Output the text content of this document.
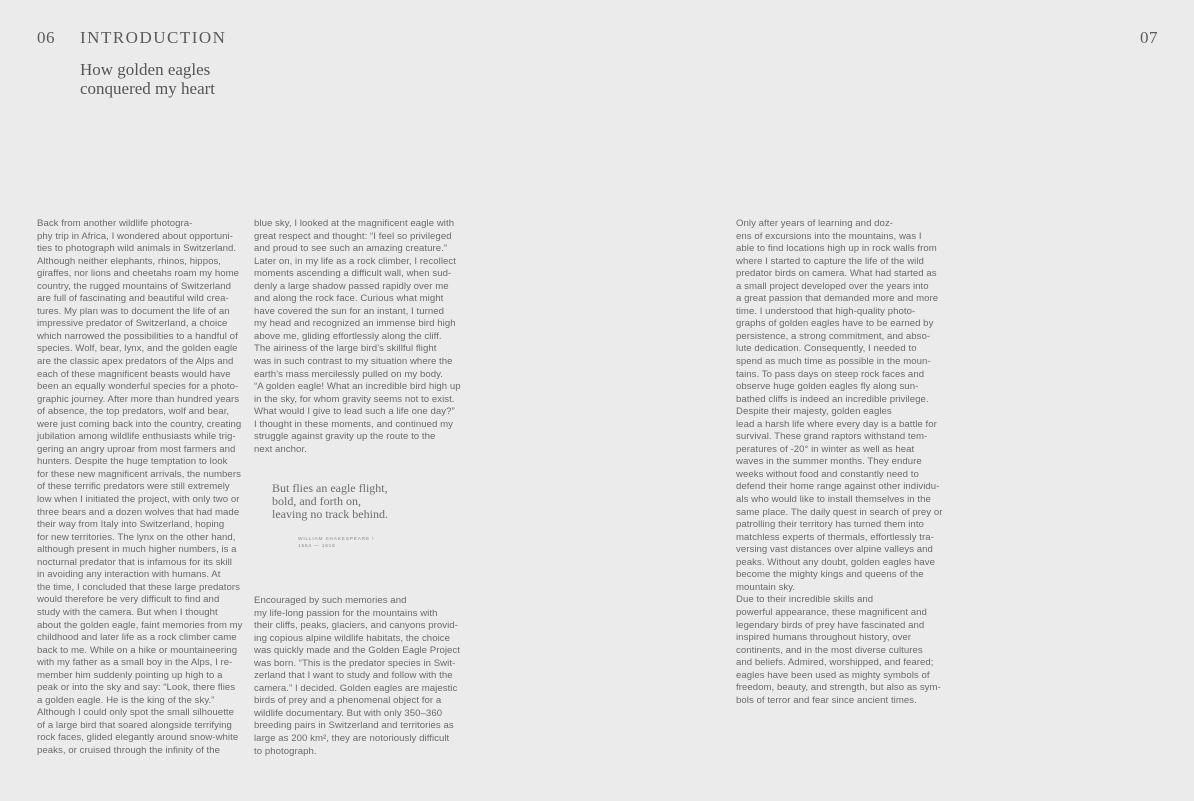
06 INTRODUCTION	07
How golden eagles
conquered my heart

Back from another wildlife photogra-
phy trip in Africa, I wondered about opportuni-
ties to photograph wild animals in Switzerland.
Although neither elephants, rhinos, hippos,
giraffes, nor lions and cheetahs roam my home
country, the rugged mountains of Switzerland
are full of fascinating and beautiful wild crea-
tures. My plan was to document the life of an
impressive predator of Switzerland, a choice
which narrowed the possibilities to a handful of
species. Wolf, bear, lynx, and the golden eagle
are the classic apex predators of the Alps and
each of these magnificent beasts would have
been an equally wonderful species for a photo-
graphic journey. After more than hundred years
of absence, the top predators, wolf and bear,
were just coming back into the country, creating
jubilation among wildlife enthusiasts while trig-
gering an angry uproar from most farmers and
hunters. Despite the huge temptation to look
for these new magnificent arrivals, the numbers
of these terrific predators were still extremely
low when I initiated the project, with only two or
three bears and a dozen wolves that had made
their way from Italy into Switzerland, hoping
for new territories. The lynx on the other hand,
although present in much higher numbers, is a
nocturnal predator that is infamous for its skill
in avoiding any interaction with humans. At
the time, I concluded that these large predators
would therefore be very difficult to find and
study with the camera. But when I thought
about the golden eagle, faint memories from my
childhood and later life as a rock climber came
back to me. While on a hike or mountaineering
with my father as a small boy in the Alps, I re-
member him suddenly pointing up high to a
peak or into the sky and say: “Look, there flies
a golden eagle. He is the king of the sky.”
Although I could only spot the small silhouette
of a large bird that soared alongside terrifying
rock faces, glided elegantly around snow-white
peaks, or cruised through the infinity of the

blue sky, I looked at the magnificent eagle with
great respect and thought: “I feel so privileged
and proud to see such an amazing creature.”
Later on, in my life as a rock climber, I recollect
moments ascending a difficult wall, when sud-
denly a large shadow passed rapidly over me
and along the rock face. Curious what might
have covered the sun for an instant, I turned
my head and recognized an immense bird high
above me, gliding effortlessly along the cliff.
The airiness of the large bird’s skillful flight
was in such contrast to my situation where the
earth’s mass mercilessly pulled on my body.
“A golden eagle! What an incredible bird high up
in the sky, for whom gravity seems not to exist.
What would I give to lead such a life one day?”
I thought in these moments, and continued my
struggle against gravity up the route to the
next anchor.

But flies an eagle flight,
bold, and forth on,
leaving no track behind.

WILLIAM SHAKESPEARE \
1564 — 1616

Encouraged by such memories and
my life-long passion for the mountains with
their cliffs, peaks, glaciers, and canyons provid-
ing copious alpine wildlife habitats, the choice
was quickly made and the Golden Eagle Project
was born. “This is the predator species in Swit-
zerland that I want to study and follow with the
camera.” I decided. Golden eagles are majestic
birds of prey and a phenomenal object for a
wildlife documentary. But with only 350–360
breeding pairs in Switzerland and territories as
large as 200 km², they are notoriously difficult
to photograph.

Only after years of learning and doz-
ens of excursions into the mountains, was I
able to find locations high up in rock walls from
where I started to capture the life of the wild
predator birds on camera. What had started as
a small project developed over the years into
a great passion that demanded more and more
time. I understood that high-quality photo-
graphs of golden eagles have to be earned by
persistence, a strong commitment, and abso-
lute dedication. Consequently, I needed to
spend as much time as possible in the moun-
tains. To pass days on steep rock faces and
observe huge golden eagles fly along sun-
bathed cliffs is indeed an incredible privilege.
Despite their majesty, golden eagles
lead a harsh life where every day is a battle for
survival. These grand raptors withstand tem-
peratures of -20° in winter as well as heat
waves in the summer months. They endure
weeks without food and constantly need to
defend their home range against other individu-
als who would like to install themselves in the
same place. The daily quest in search of prey or
patrolling their territory has turned them into
matchless experts of thermals, effortlessly tra-
versing vast distances over alpine valleys and
peaks. Without any doubt, golden eagles have
become the mighty kings and queens of the
mountain sky.
Due to their incredible skills and
powerful appearance, these magnificent and
legendary birds of prey have fascinated and
inspired humans throughout history, over
continents, and in the most diverse cultures
and beliefs. Admired, worshipped, and feared;
eagles have been used as mighty symbols of
freedom, beauty, and strength, but also as sym-
bols of terror and fear since ancient times.
